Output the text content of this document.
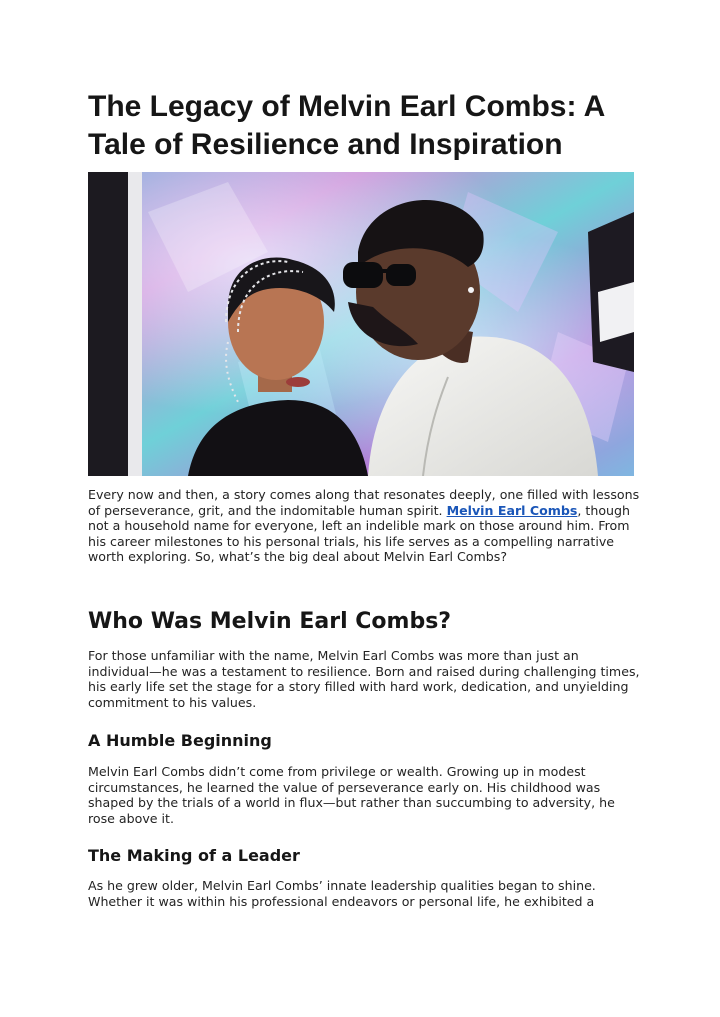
The Legacy of Melvin Earl Combs: A Tale of Resilience and Inspiration

Every now and then, a story comes along that resonates deeply, one filled with lessons of perseverance, grit, and the indomitable human spirit. Melvin Earl Combs, though not a household name for everyone, left an indelible mark on those around him. From his career milestones to his personal trials, his life serves as a compelling narrative worth exploring. So, what’s the big deal about Melvin Earl Combs?

Who Was Melvin Earl Combs?

For those unfamiliar with the name, Melvin Earl Combs was more than just an individual—he was a testament to resilience. Born and raised during challenging times, his early life set the stage for a story filled with hard work, dedication, and unyielding commitment to his values.

A Humble Beginning

Melvin Earl Combs didn’t come from privilege or wealth. Growing up in modest circumstances, he learned the value of perseverance early on. His childhood was shaped by the trials of a world in flux—but rather than succumbing to adversity, he rose above it.

The Making of a Leader

As he grew older, Melvin Earl Combs’ innate leadership qualities began to shine. Whether it was within his professional endeavors or personal life, he exhibited a
